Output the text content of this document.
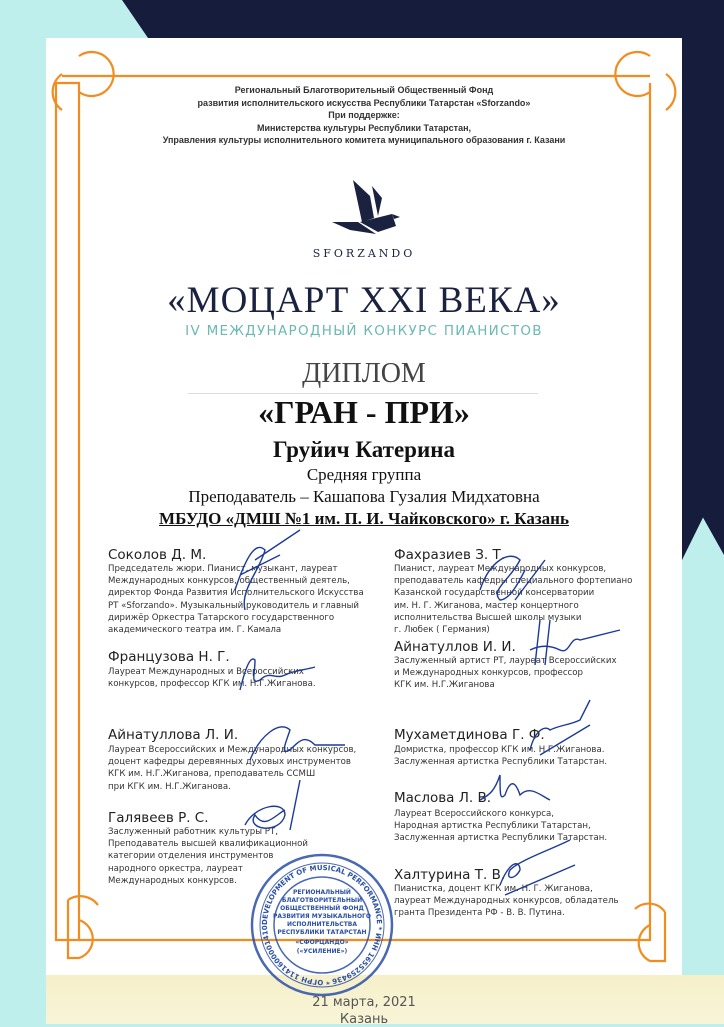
Региональный Благотворительный Общественный Фонд
развития исполнительского искусства Республики Татарстан «Sforzando»
При поддержке:
Министерства культуры Республики Татарстан,
Управления культуры исполнительного комитета муниципального образования г. Казани
SFORZANDO
«МОЦАРТ XXI ВЕКА»
IV МЕЖДУНАРОДНЫЙ КОНКУРС ПИАНИСТОВ
ДИПЛОМ
«ГРАН - ПРИ»
Груйич Катерина
Средняя группа
Преподаватель – Кашапова Гузалия Мидхатовна
МБУДО «ДМШ №1 им. П. И. Чайковского» г. Казань
Соколов Д. М.
Председатель жюри. Пианист, музыкант, лауреат
Международных конкурсов, общественный деятель,
директор Фонда Развития Исполнительского Искусства
РТ «Sforzando». Музыкальный руководитель и главный
дирижёр Оркестра Татарского государственного
академического театра им. Г. Камала
Французова Н. Г.
Лауреат Международных и Всероссийских
конкурсов, профессор КГК им. Н.Г.Жиганова.
Айнатуллова Л. И.
Лауреат Всероссийских и Международных конкурсов,
доцент кафедры деревянных духовых инструментов
КГК им. Н.Г.Жиганова, преподаватель ССМШ
при КГК им. Н.Г.Жиганова.
Галявеев Р. С.
Заслуженный работник культуры РТ,
Преподаватель высшей квалификационной
категории отделения инструментов
народного оркестра, лауреат
Международных конкурсов.
Фахразиев З. Т.
Пианист, лауреат Международных конкурсов,
преподаватель кафедры специального фортепиано
Казанской государственной консерватории
им. Н. Г. Жиганова, мастер концертного
исполнительства Высшей школы музыки
г. Любек ( Германия)
Айнатуллов И. И.
Заслуженный артист РТ, лауреат Всероссийских
и Международных конкурсов, профессор
КГК им. Н.Г.Жиганова
Мухаметдинова Г. Ф.
Домристка, профессор КГК им. Н.Г.Жиганова.
Заслуженная артистка Республики Татарстан.
Маслова Л. В.
Лауреат Всероссийского конкурса,
Народная артистка Республики Татарстан,
Заслуженная артистка Республики Татарстан.
Халтурина Т. В.
Пианистка, доцент КГК им. Н. Г. Жиганова,
лауреат Международных конкурсов, обладатель
гранта Президента РФ - В. В. Путина.
DEVELOPMENT OF MUSICAL PERFORMANCE * ИНН 1655259436 * ОГРН 1141600001410
РЕГИОНАЛЬНЫЙ
БЛАГОТВОРИТЕЛЬНЫЙ
ОБЩЕСТВЕННЫЙ ФОНД
РАЗВИТИЯ МУЗЫКАЛЬНОГО
ИСПОЛНИТЕЛЬСТВА
РЕСПУБЛИКИ ТАТАРСТАН
«СФОРЦАНДО»
(«УСИЛЕНИЕ»)
21 марта, 2021
Казань
